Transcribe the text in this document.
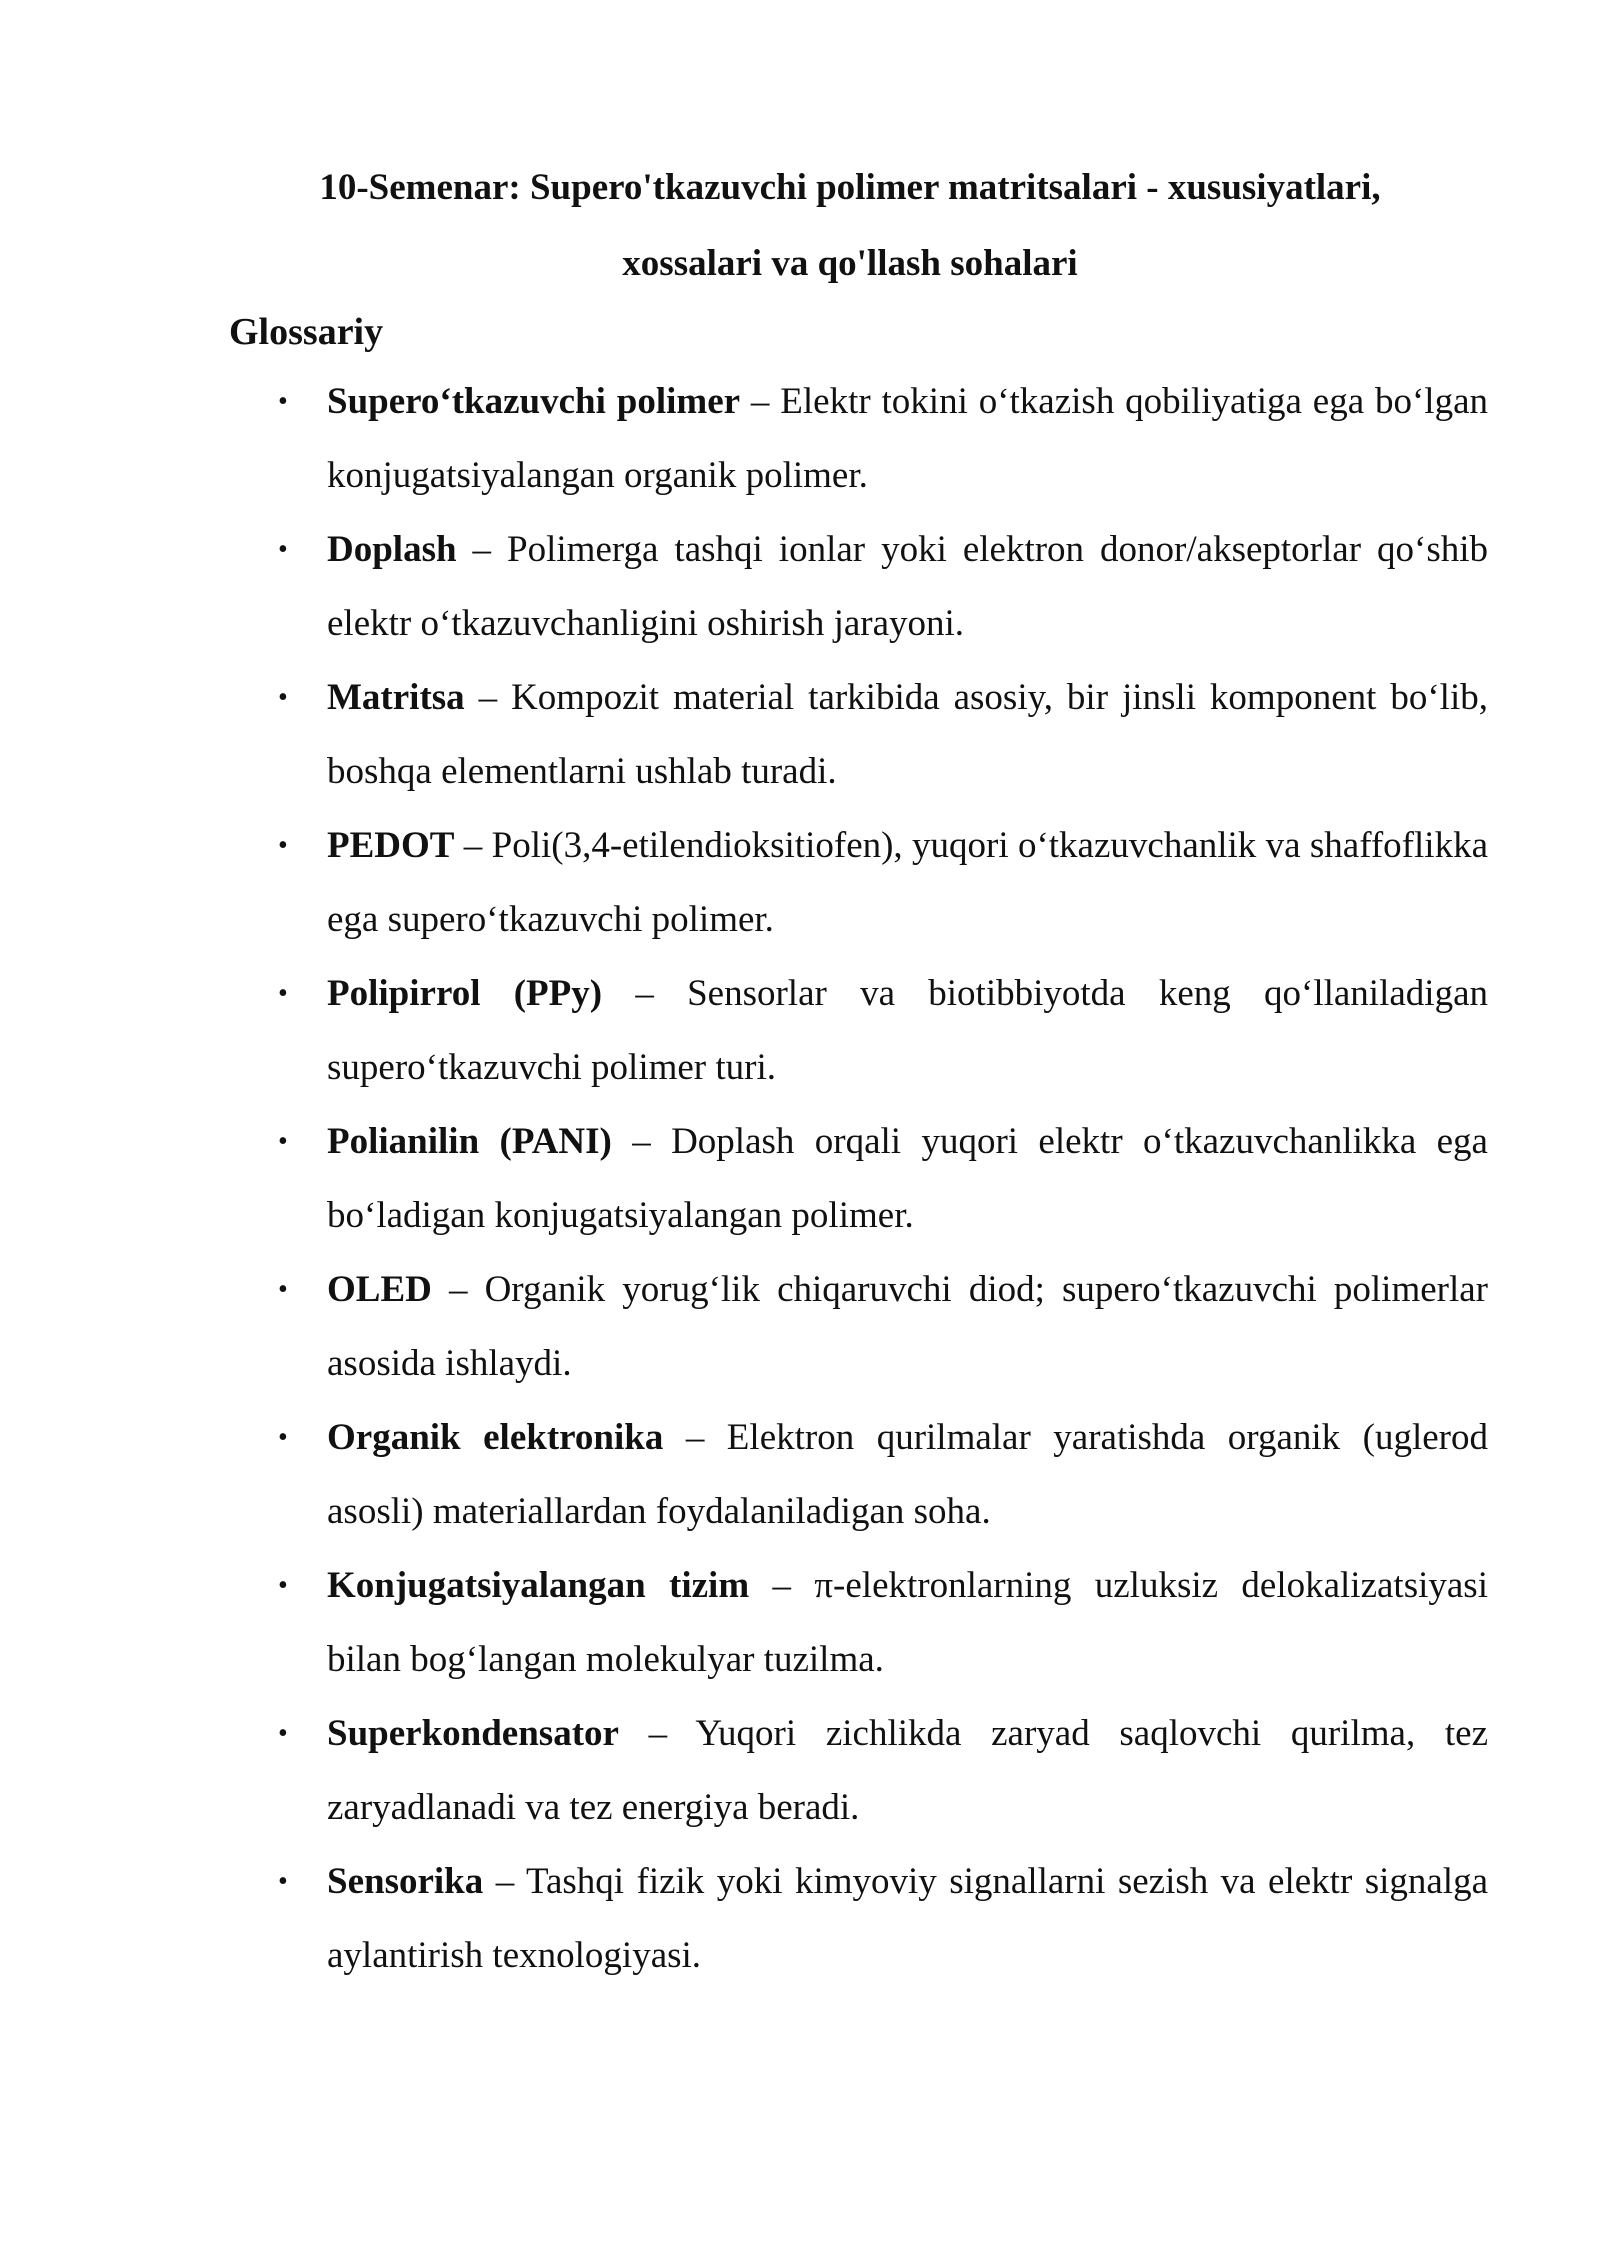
10-Semenar: Supero'tkazuvchi polimer matritsalari - xususiyatlari,
xossalari va qo'llash sohalari
Glossariy
• Supero‘tkazuvchi polimer – Elektr tokini o‘tkazish qobiliyatiga ega bo‘lgan konjugatsiyalangan organik polimer.
• Doplash – Polimerga tashqi ionlar yoki elektron donor/akseptorlar qo‘shib elektr o‘tkazuvchanligini oshirish jarayoni.
• Matritsa – Kompozit material tarkibida asosiy, bir jinsli komponent bo‘lib, boshqa elementlarni ushlab turadi.
• PEDOT – Poli(3,4-etilendioksitiofen), yuqori o‘tkazuvchanlik va shaffoflikka ega supero‘tkazuvchi polimer.
• Polipirrol (PPy) – Sensorlar va biotibbiyotda keng qo‘llaniladigan supero‘tkazuvchi polimer turi.
• Polianilin (PANI) – Doplash orqali yuqori elektr o‘tkazuvchanlikka ega bo‘ladigan konjugatsiyalangan polimer.
• OLED – Organik yorug‘lik chiqaruvchi diod; supero‘tkazuvchi polimerlar asosida ishlaydi.
• Organik elektronika – Elektron qurilmalar yaratishda organik (uglerod asosli) materiallardan foydalaniladigan soha.
• Konjugatsiyalangan tizim – π-elektronlarning uzluksiz delokalizatsiyasi bilan bog‘langan molekulyar tuzilma.
• Superkondensator – Yuqori zichlikda zaryad saqlovchi qurilma, tez zaryadlanadi va tez energiya beradi.
• Sensorika – Tashqi fizik yoki kimyoviy signallarni sezish va elektr signalga aylantirish texnologiyasi.
